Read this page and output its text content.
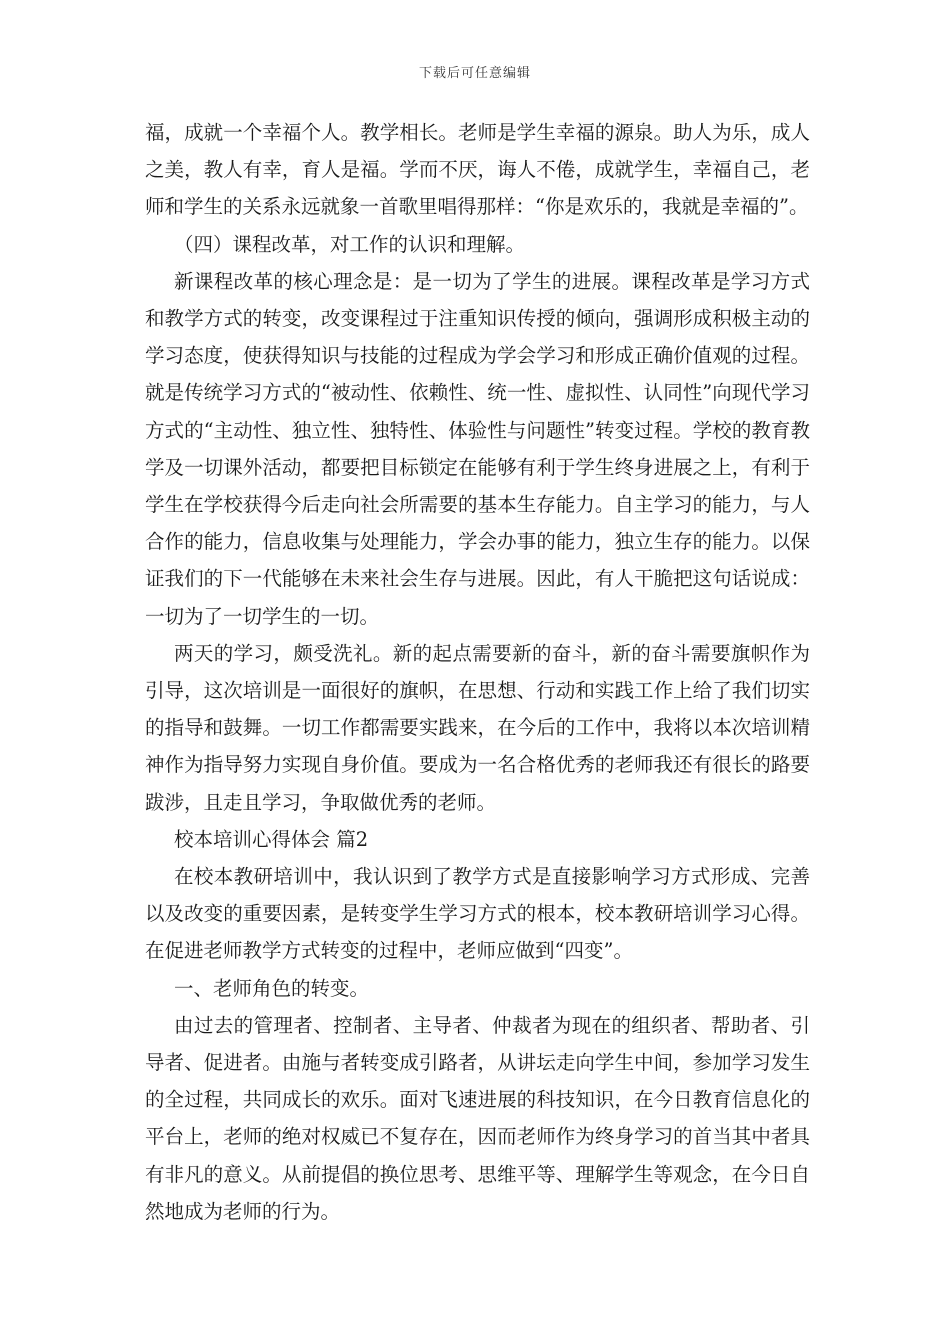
下载后可任意编辑

福，成就一个幸福个人。教学相长。老师是学生幸福的源泉。助人为乐，成人之美，教人有幸，育人是福。学而不厌，诲人不倦，成就学生，幸福自己，老师和学生的关系永远就象一首歌里唱得那样：“你是欢乐的，我就是幸福的”。

（四）课程改革，对工作的认识和理解。

新课程改革的核心理念是：是一切为了学生的进展。课程改革是学习方式和教学方式的转变，改变课程过于注重知识传授的倾向，强调形成积极主动的学习态度，使获得知识与技能的过程成为学会学习和形成正确价值观的过程。就是传统学习方式的“被动性、依赖性、统一性、虚拟性、认同性”向现代学习方式的“主动性、独立性、独特性、体验性与问题性”转变过程。学校的教育教学及一切课外活动，都要把目标锁定在能够有利于学生终身进展之上，有利于学生在学校获得今后走向社会所需要的基本生存能力。自主学习的能力，与人合作的能力，信息收集与处理能力，学会办事的能力，独立生存的能力。以保证我们的下一代能够在未来社会生存与进展。因此，有人干脆把这句话说成：一切为了一切学生的一切。

两天的学习，颇受洗礼。新的起点需要新的奋斗，新的奋斗需要旗帜作为引导，这次培训是一面很好的旗帜，在思想、行动和实践工作上给了我们切实的指导和鼓舞。一切工作都需要实践来，在今后的工作中，我将以本次培训精神作为指导努力实现自身价值。要成为一名合格优秀的老师我还有很长的路要跋涉，且走且学习，争取做优秀的老师。

校本培训心得体会 篇2

在校本教研培训中，我认识到了教学方式是直接影响学习方式形成、完善以及改变的重要因素，是转变学生学习方式的根本，校本教研培训学习心得。在促进老师教学方式转变的过程中，老师应做到“四变”。

一、老师角色的转变。

由过去的管理者、控制者、主导者、仲裁者为现在的组织者、帮助者、引导者、促进者。由施与者转变成引路者，从讲坛走向学生中间，参加学习发生的全过程，共同成长的欢乐。面对飞速进展的科技知识，在今日教育信息化的平台上，老师的绝对权威已不复存在，因而老师作为终身学习的首当其中者具有非凡的意义。从前提倡的换位思考、思维平等、理解学生等观念，在今日自然地成为老师的行为。
